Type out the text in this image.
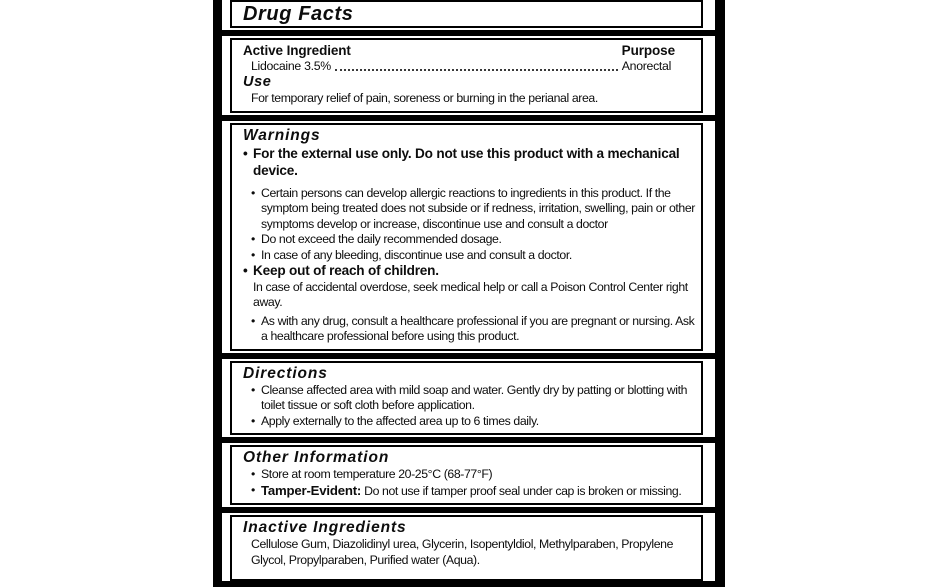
Drug Facts
Active Ingredient	Purpose
Lidocaine 3.5%	Anorectal
Use
For temporary relief of pain, soreness or burning in the perianal area.
Warnings
• For the external use only. Do not use this product with a mechanical device.
• Certain persons can develop allergic reactions to ingredients in this product. If the symptom being treated does not subside or if redness, irritation, swelling, pain or other symptoms develop or increase, discontinue use and consult a doctor
• Do not exceed the daily recommended dosage.
• In case of any bleeding, discontinue use and consult a doctor.
• Keep out of reach of children.
In case of accidental overdose, seek medical help or call a Poison Control Center right away.
• As with any drug, consult a healthcare professional if you are pregnant or nursing. Ask a healthcare professional before using this product.
Directions
• Cleanse affected area with mild soap and water. Gently dry by patting or blotting with toilet tissue or soft cloth before application.
• Apply externally to the affected area up to 6 times daily.
Other Information
• Store at room temperature 20-25°C (68-77°F)
• Tamper-Evident: Do not use if tamper proof seal under cap is broken or missing.
Inactive Ingredients
Cellulose Gum, Diazolidinyl urea, Glycerin, Isopentyldiol, Methylparaben, Propylene Glycol, Propylparaben, Purified water (Aqua).
